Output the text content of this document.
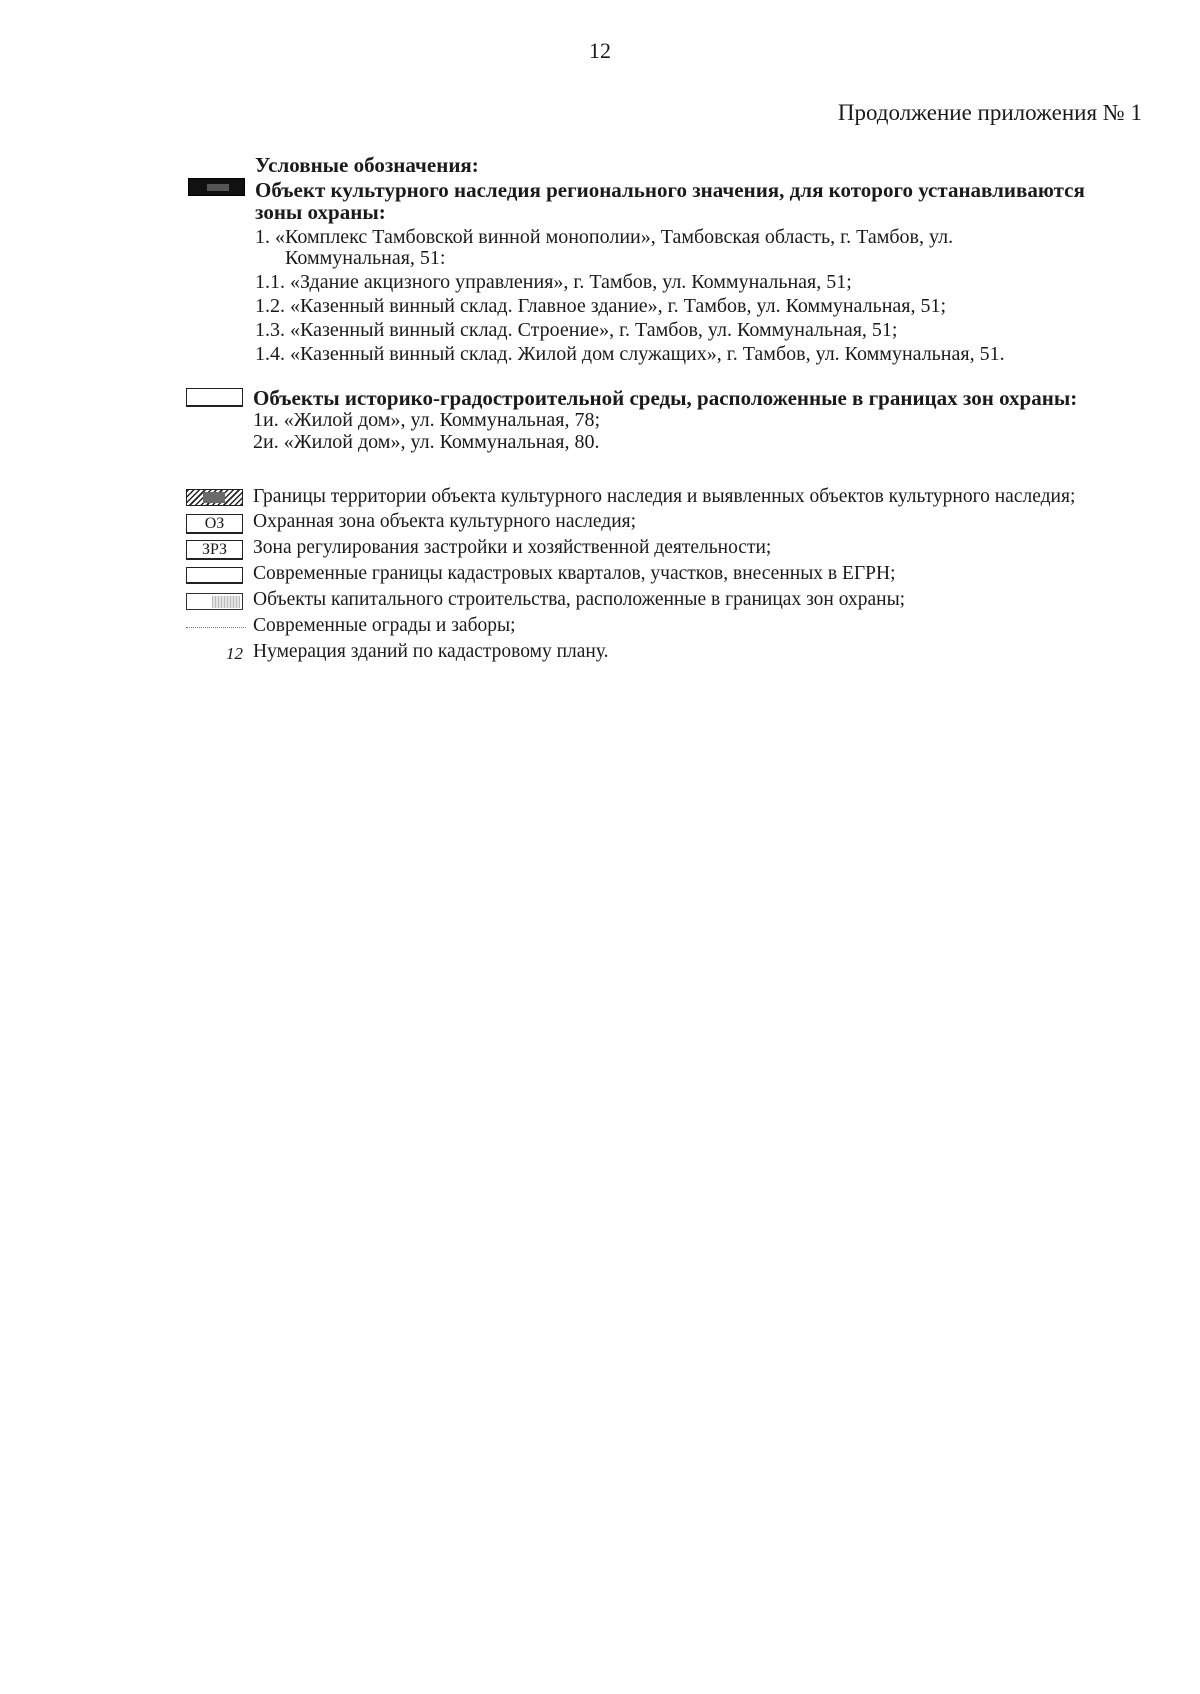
12
Продолжение приложения № 1
Условные обозначения:
Объект культурного наследия регионального значения, для которого устанавливаются
зоны охраны:
1. «Комплекс Тамбовской винной монополии», Тамбовская область, г. Тамбов, ул.
Коммунальная, 51:
1.1. «Здание акцизного управления», г. Тамбов, ул. Коммунальная, 51;
1.2. «Казенный винный склад. Главное здание», г. Тамбов, ул. Коммунальная, 51;
1.3. «Казенный винный склад. Строение», г. Тамбов, ул. Коммунальная, 51;
1.4. «Казенный винный склад. Жилой дом служащих», г. Тамбов, ул. Коммунальная, 51.
Объекты историко-градостроительной среды, расположенные в границах зон охраны:
1и. «Жилой дом», ул. Коммунальная, 78;
2и. «Жилой дом», ул. Коммунальная, 80.
Границы территории объекта культурного наследия и выявленных объектов культурного наследия;
ОЗ	Охранная зона объекта культурного наследия;
ЗРЗ	Зона регулирования застройки и хозяйственной деятельности;
Современные границы кадастровых кварталов, участков, внесенных в ЕГРН;
Объекты капитального строительства, расположенные в границах зон охраны;
Современные ограды и заборы;
12 Нумерация зданий по кадастровому плану.
